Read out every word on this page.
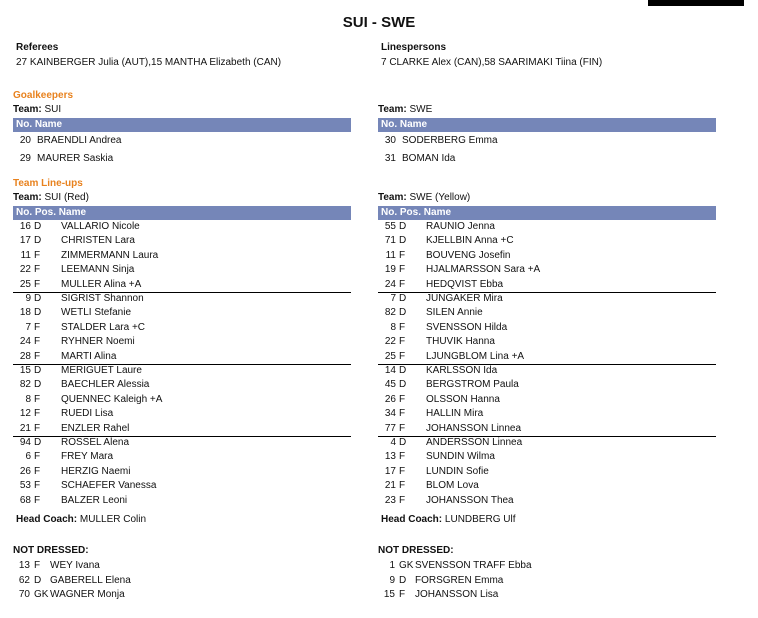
SUI - SWE
Referees
27 KAINBERGER Julia (AUT),15 MANTHA Elizabeth (CAN)
Linespersons
7 CLARKE Alex (CAN),58 SAARIMAKI Tiina (FIN)
Goalkeepers
Team: SUI	Team: SWE
No. Name	No. Name
20 BRAENDLI Andrea
29 MAURER Saskia
30 SODERBERG Emma
31 BOMAN Ida
Team Line-ups
Team: SUI (Red)	Team: SWE (Yellow)
No. Pos. Name	No. Pos. Name
16 D VALLARIO Nicole
17 D CHRISTEN Lara
11 F ZIMMERMANN Laura
22 F LEEMANN Sinja
25 F MULLER Alina +A
9 D SIGRIST Shannon
18 D WETLI Stefanie
7 F STALDER Lara +C
24 F RYHNER Noemi
28 F MARTI Alina
15 D MERIGUET Laure
82 D BAECHLER Alessia
8 F QUENNEC Kaleigh +A
12 F RUEDI Lisa
21 F ENZLER Rahel
94 D ROSSEL Alena
6 F FREY Mara
26 F HERZIG Naemi
53 F SCHAEFER Vanessa
68 F BALZER Leoni
55 D RAUNIO Jenna
71 D KJELLBIN Anna +C
11 F BOUVENG Josefin
19 F HJALMARSSON Sara +A
24 F HEDQVIST Ebba
7 D JUNGAKER Mira
82 D SILEN Annie
8 F SVENSSON Hilda
22 F THUVIK Hanna
25 F LJUNGBLOM Lina +A
14 D KARLSSON Ida
45 D BERGSTROM Paula
26 F OLSSON Hanna
34 F HALLIN Mira
77 F JOHANSSON Linnea
4 D ANDERSSON Linnea
13 F SUNDIN Wilma
17 F LUNDIN Sofie
21 F BLOM Lova
23 F JOHANSSON Thea
Head Coach: MULLER Colin	Head Coach: LUNDBERG Ulf
NOT DRESSED:	NOT DRESSED:
13 F WEY Ivana
62 D GABERELL Elena
70 GK WAGNER Monja
1 GK SVENSSON TRAFF Ebba
9 D FORSGREN Emma
15 F JOHANSSON Lisa
